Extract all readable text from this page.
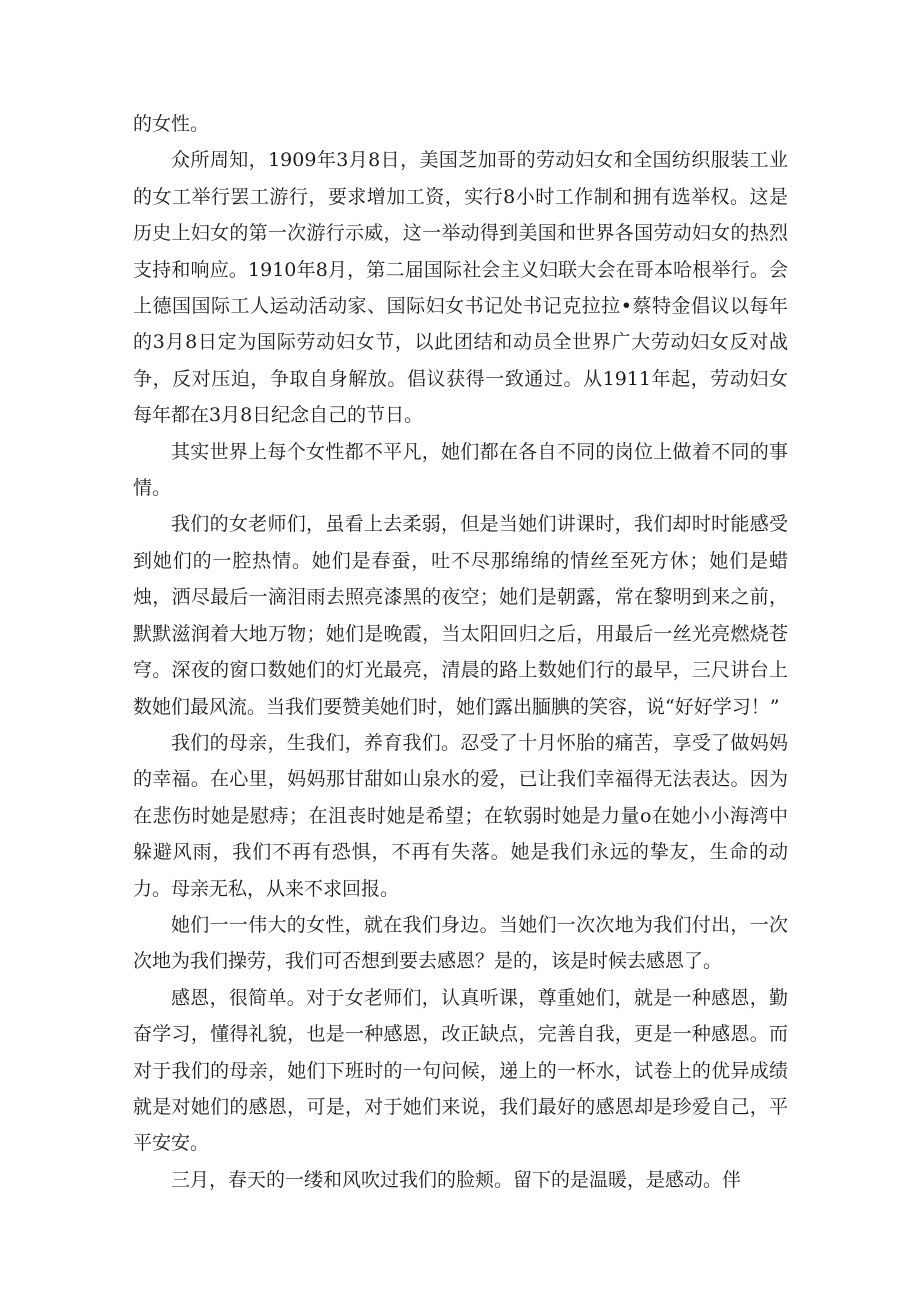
的女性。

众所周知，1909年3月8日，美国芝加哥的劳动妇女和全国纺织服装工业的女工举行罢工游行，要求增加工资，实行8小时工作制和拥有选举权。这是历史上妇女的第一次游行示威，这一举动得到美国和世界各国劳动妇女的热烈支持和响应。1910年8月，第二届国际社会主义妇联大会在哥本哈根举行。会上德国国际工人运动活动家、国际妇女书记处书记克拉拉•蔡特金倡议以每年的3月8日定为国际劳动妇女节，以此团结和动员全世界广大劳动妇女反对战争，反对压迫，争取自身解放。倡议获得一致通过。从1911年起，劳动妇女每年都在3月8日纪念自己的节日。

其实世界上每个女性都不平凡，她们都在各自不同的岗位上做着不同的事情。

我们的女老师们，虽看上去柔弱，但是当她们讲课时，我们却时时能感受到她们的一腔热情。她们是春蚕，吐不尽那绵绵的情丝至死方休；她们是蜡烛，洒尽最后一滴泪雨去照亮漆黑的夜空；她们是朝露，常在黎明到来之前，默默滋润着大地万物；她们是晚霞，当太阳回归之后，用最后一丝光亮燃烧苍穹。深夜的窗口数她们的灯光最亮，清晨的路上数她们行的最早，三尺讲台上数她们最风流。当我们要赞美她们时，她们露出腼腆的笑容，说“好好学习！”

我们的母亲，生我们，养育我们。忍受了十月怀胎的痛苦，享受了做妈妈的幸福。在心里，妈妈那甘甜如山泉水的爱，已让我们幸福得无法表达。因为在悲伤时她是慰痔；在沮丧时她是希望；在软弱时她是力量o在她小小海湾中躲避风雨，我们不再有恐惧，不再有失落。她是我们永远的挚友，生命的动力。母亲无私，从来不求回报。

她们一一伟大的女性，就在我们身边。当她们一次次地为我们付出，一次次地为我们操劳，我们可否想到要去感恩？是的，该是时候去感恩了。

感恩，很简单。对于女老师们，认真听课，尊重她们，就是一种感恩，勤奋学习，懂得礼貌，也是一种感恩，改正缺点，完善自我，更是一种感恩。而对于我们的母亲，她们下班时的一句问候，递上的一杯水，试卷上的优异成绩就是对她们的感恩，可是，对于她们来说，我们最好的感恩却是珍爱自己，平平安安。

三月，春天的一缕和风吹过我们的脸颊。留下的是温暖，是感动。伴
